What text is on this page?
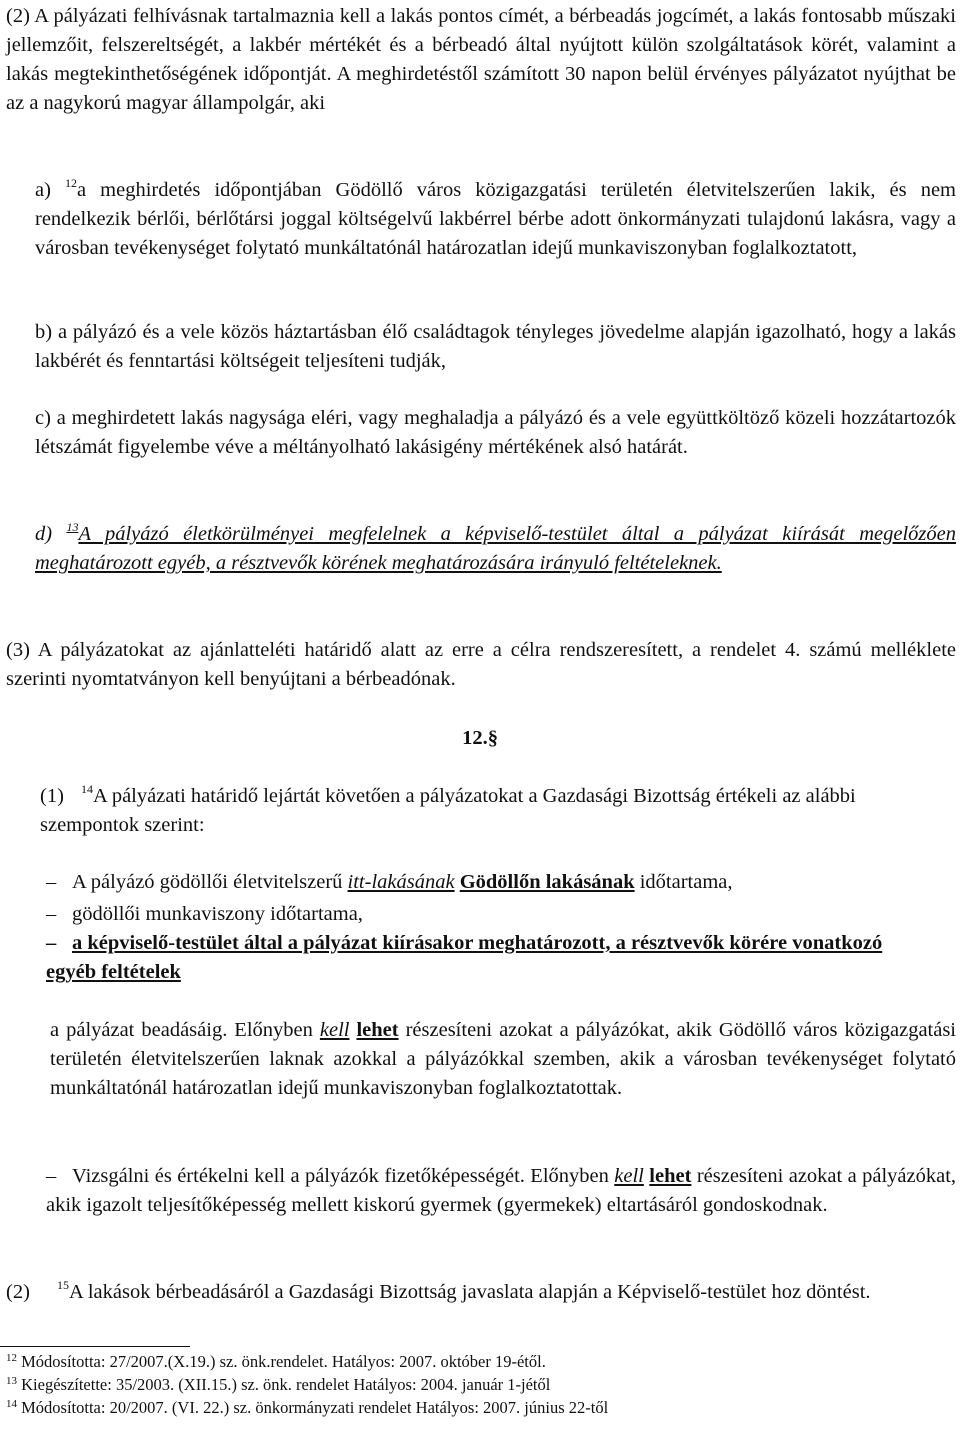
(2) A pályázati felhívásnak tartalmaznia kell a lakás pontos címét, a bérbeadás jogcímét, a lakás fontosabb műszaki jellemzőit, felszereltségét, a lakbér mértékét és a bérbeadó által nyújtott külön szolgáltatások körét, valamint a lakás megtekinthetőségének időpontját. A meghirdetéstől számított 30 napon belül érvényes pályázatot nyújthat be az a nagykorú magyar állampolgár, aki

a) $^{12}$a meghirdetés időpontjában Gödöllő város közigazgatási területén életvitelszerűen lakik, és nem rendelkezik bérlői, bérlőtársi joggal költségelvű lakbérrel bérbe adott önkormányzati tulajdonú lakásra, vagy a városban tevékenységet folytató munkáltatónál határozatlan idejű munkaviszonyban foglalkoztatott,

b) a pályázó és a vele közös háztartásban élő családtagok tényleges jövedelme alapján igazolható, hogy a lakás lakbérét és fenntartási költségeit teljesíteni tudják,

c) a meghirdetett lakás nagysága eléri, vagy meghaladja a pályázó és a vele együttköltöző közeli hozzátartozók létszámát figyelembe véve a méltányolható lakásigény mértékének alsó határát.

d) $^{13}$A pályázó életkörülményei megfelelnek a képviselő-testület által a pályázat kiírását megelőzően meghatározott egyéb, a résztvevők körének meghatározására irányuló feltételeknek.

(3) A pályázatokat az ajánlatteléti határidő alatt az erre a célra rendszeresített, a rendelet 4. számú melléklete szerinti nyomtatványon kell benyújtani a bérbeadónak.

12.§

(1) $^{14}$A pályázati határidő lejártát követően a pályázatokat a Gazdasági Bizottság értékeli az alábbi szempontok szerint:
– A pályázó gödöllői életvitelszerű itt-lakásának Gödöllőn lakásának időtartama,
– gödöllői munkaviszony időtartama,
– a képviselő-testület által a pályázat kiírásakor meghatározott, a résztvevők körére vonatkozó egyéb feltételek
a pályázat beadásáig. Előnyben kell lehet részesíteni azokat a pályázókat, akik Gödöllő város közigazgatási területén életvitelszerűen laknak azokkal a pályázókkal szemben, akik a városban tevékenységet folytató munkáltatónál határozatlan idejű munkaviszonyban foglalkoztatottak.
– Vizsgálni és értékelni kell a pályázók fizetőképességét. Előnyben kell lehet részesíteni azokat a pályázókat, akik igazolt teljesítőképesség mellett kiskorú gyermek (gyermekek) eltartásáról gondoskodnak.
(2) $^{15}$A lakások bérbeadásáról a Gazdasági Bizottság javaslata alapján a Képviselő-testület hoz döntést.
$^{12}$ Módosította: 27/2007.(X.19.) sz. önk.rendelet. Hatályos: 2007. október 19-étől.
$^{13}$ Kiegészítette: 35/2003. (XII.15.) sz. önk. rendelet Hatályos: 2004. január 1-jétől
$^{14}$ Módosította: 20/2007. (VI. 22.) sz. önkormányzati rendelet Hatályos: 2007. június 22-től
